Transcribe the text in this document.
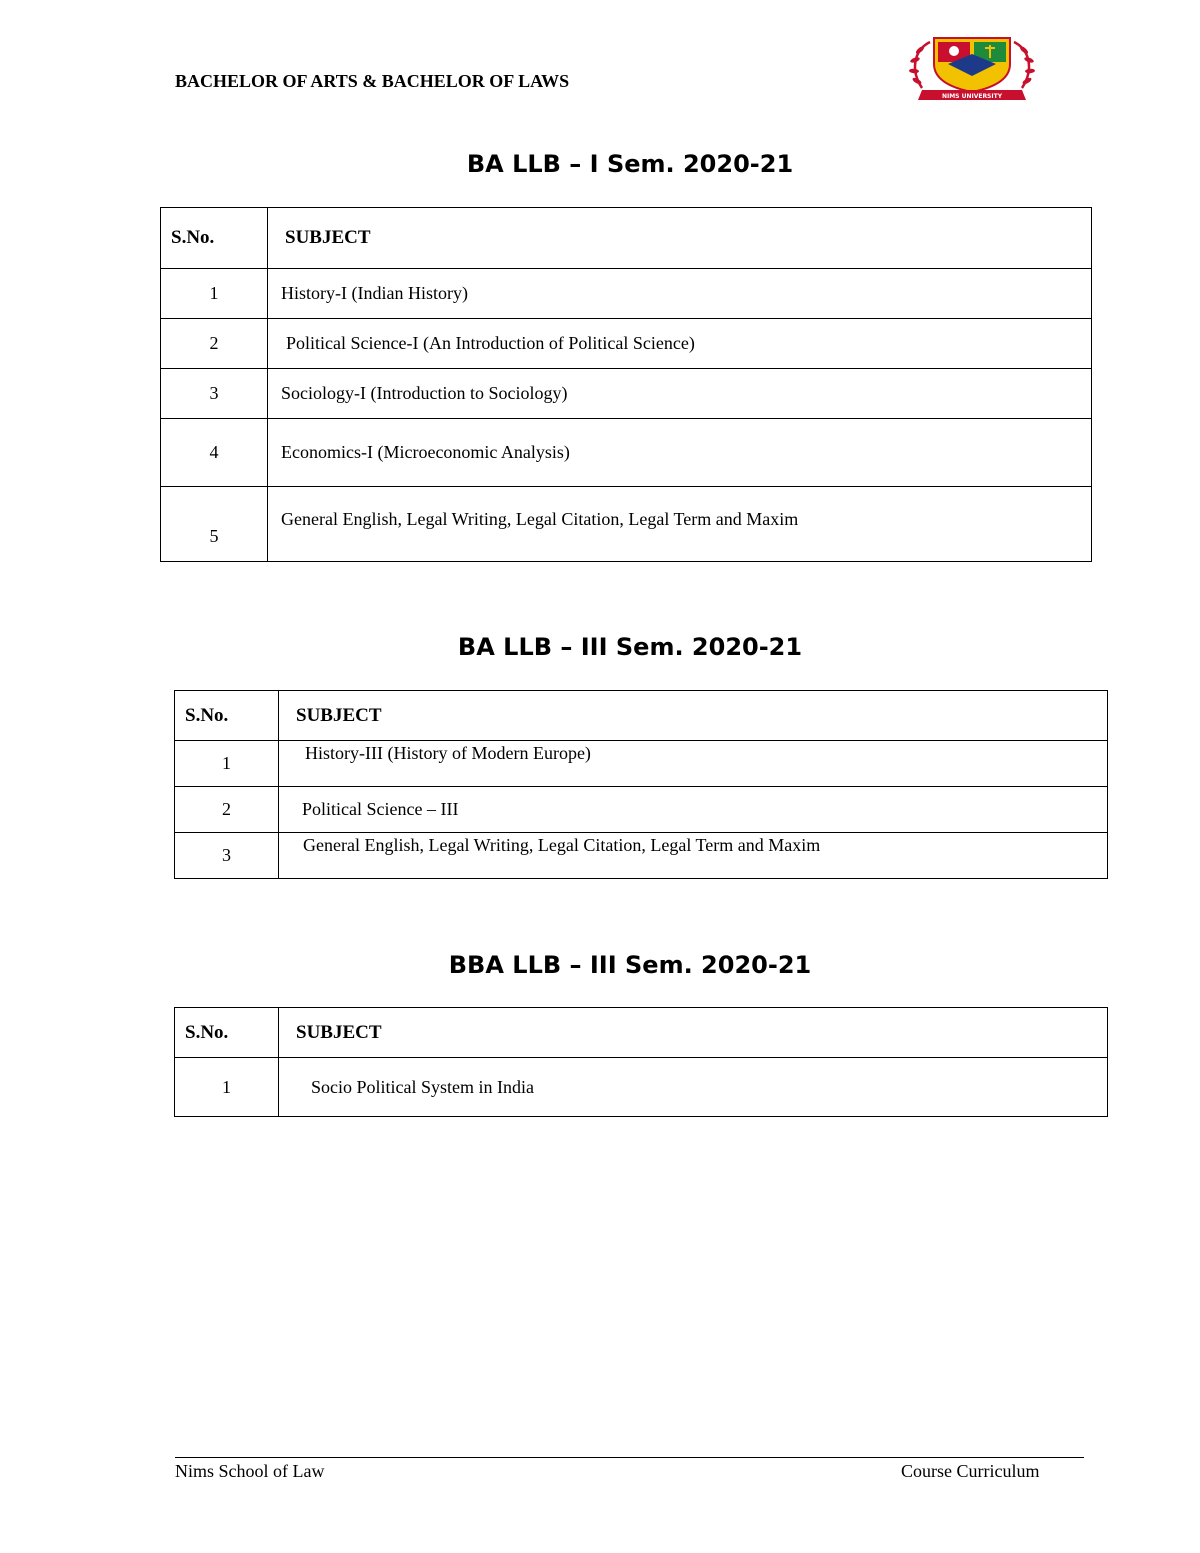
BACHELOR OF ARTS & BACHELOR OF LAWS

NIMS UNIVERSITY
BA LLB – I Sem. 2020-21
S.No.	SUBJECT
1	History-I (Indian History)
2	Political Science-I (An Introduction of Political Science)
3	Sociology-I (Introduction to Sociology)
4	Economics-I (Microeconomic Analysis)
5	General English, Legal Writing, Legal Citation, Legal Term and Maxim
BA LLB – III Sem. 2020-21
S.No.	SUBJECT
1	History-III (History of Modern Europe)
2	Political Science – III
3	General English, Legal Writing, Legal Citation, Legal Term and Maxim
BBA LLB – III Sem. 2020-21
S.No.	SUBJECT
1	Socio Political System in India
Nims School of Law	Course Curriculum
